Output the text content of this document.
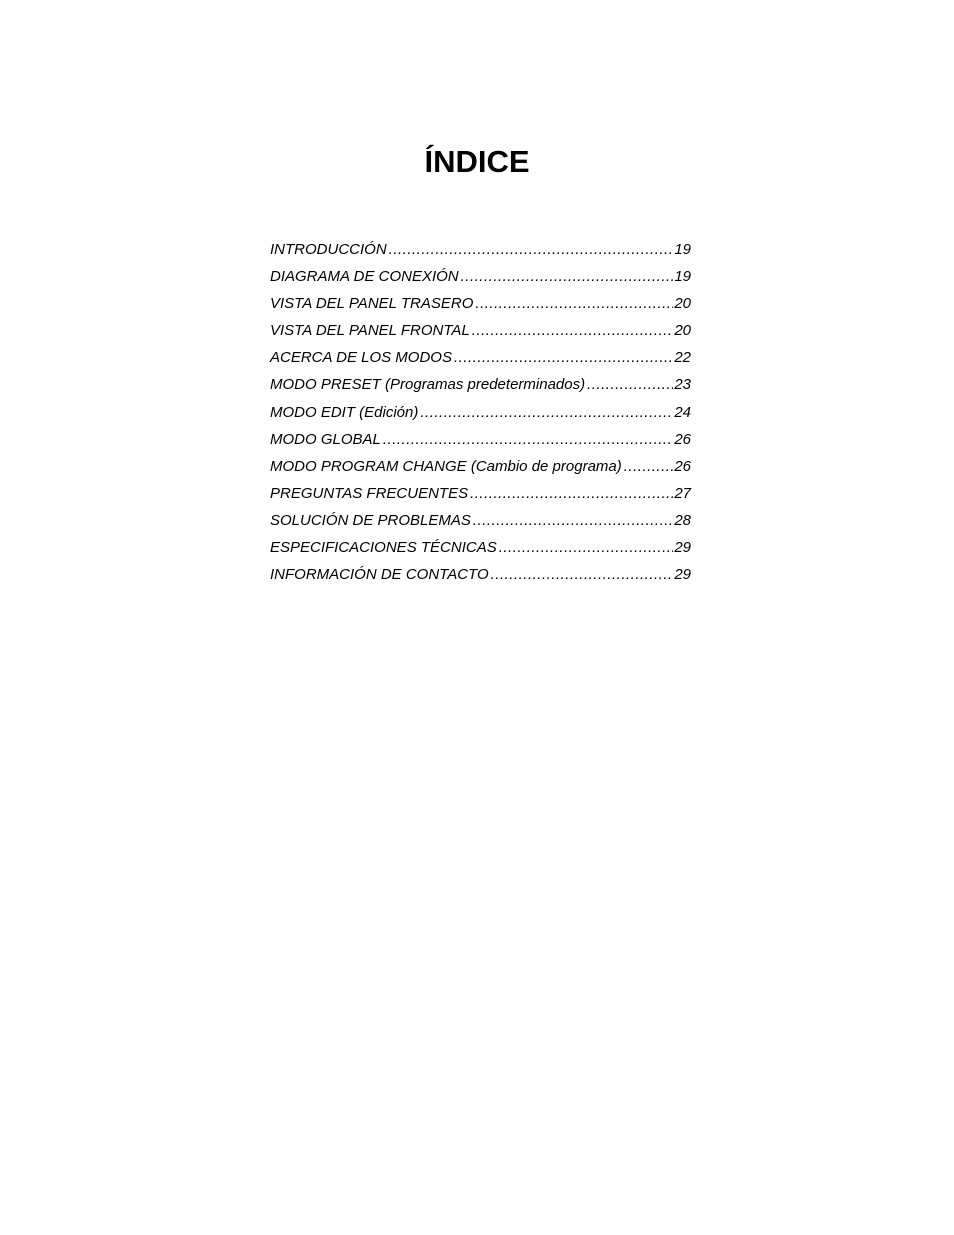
ÍNDICE
INTRODUCCIÓN .....	19
DIAGRAMA DE CONEXIÓN .....	19
VISTA DEL PANEL TRASERO .....	20
VISTA DEL PANEL FRONTAL .....	20
ACERCA DE LOS MODOS .....	22
MODO PRESET (Programas predeterminados) .....	23
MODO EDIT (Edición) .....	24
MODO GLOBAL .....	26
MODO PROGRAM CHANGE (Cambio de programa) .....	26
PREGUNTAS FRECUENTES .....	27
SOLUCIÓN DE PROBLEMAS .....	28
ESPECIFICACIONES TÉCNICAS .....	29
INFORMACIÓN DE CONTACTO .....	29
